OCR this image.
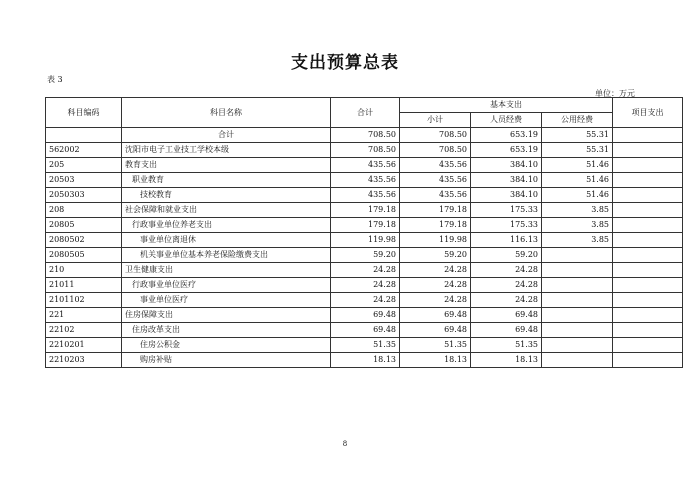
支出预算总表
表 3
单位：万元
科目编码	科目名称	合计	基本支出			项目支出
			小计	人员经费	公用经费	
	合计	708.50	708.50	653.19	55.31	
562002	沈阳市电子工业技工学校本级	708.50	708.50	653.19	55.31	
205	教育支出	435.56	435.56	384.10	51.46	
20503	职业教育	435.56	435.56	384.10	51.46	
2050303	技校教育	435.56	435.56	384.10	51.46	
208	社会保障和就业支出	179.18	179.18	175.33	3.85	
20805	行政事业单位养老支出	179.18	179.18	175.33	3.85	
2080502	事业单位离退休	119.98	119.98	116.13	3.85	
2080505	机关事业单位基本养老保险缴费支出	59.20	59.20	59.20		
210	卫生健康支出	24.28	24.28	24.28		
21011	行政事业单位医疗	24.28	24.28	24.28		
2101102	事业单位医疗	24.28	24.28	24.28		
221	住房保障支出	69.48	69.48	69.48		
22102	住房改革支出	69.48	69.48	69.48		
2210201	住房公积金	51.35	51.35	51.35		
2210203	购房补贴	18.13	18.13	18.13		
8
